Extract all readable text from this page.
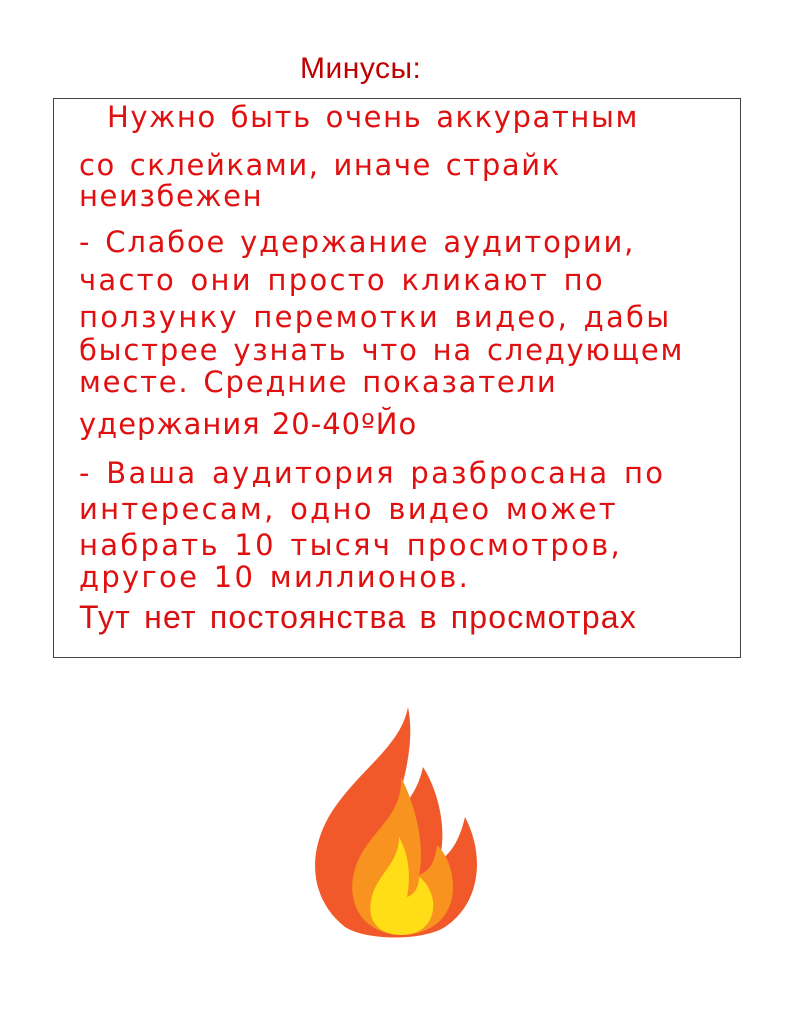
Минусы:
Нужно быть очень аккуратным
со склейками, иначе страйк
неизбежен
- Слабое удержание аудитории,
часто они просто кликают по
ползунку перемотки видео, дабы
быстрее узнать что на следующем
месте. Средние показатели
удержания 20-40ºЙо
- Ваша аудитория разбросана по
интересам, одно видео может
набрать 10 тысяч просмотров,
другое 10 миллионов.
Тут нет постоянства в просмотрах
